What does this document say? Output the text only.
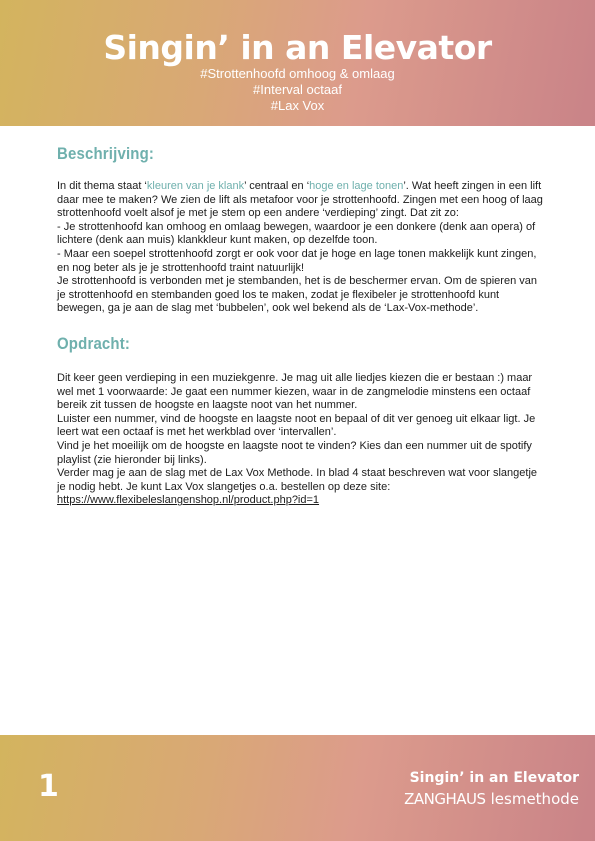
Singin’ in an Elevator
#Strottenhoofd omhoog & omlaag
#Interval octaaf
#Lax Vox
Beschrijving:

In dit thema staat ‘kleuren van je klank’ centraal en ‘hoge en lage tonen’. Wat heeft zingen in een lift daar mee te maken? We zien de lift als metafoor voor je strottenhoofd. Zingen met een hoog of laag strottenhoofd voelt alsof je met je stem op een andere ‘verdieping’ zingt. Dat zit zo:

- Je strottenhoofd kan omhoog en omlaag bewegen, waardoor je een donkere (denk aan opera) of lichtere (denk aan muis) klankkleur kunt maken, op dezelfde toon.

- Maar een soepel strottenhoofd zorgt er ook voor dat je hoge en lage tonen makkelijk kunt zingen, en nog beter als je je strottenhoofd traint natuurlijk!

Je strottenhoofd is verbonden met je stembanden, het is de beschermer ervan. Om de spieren van je strottenhoofd en stembanden goed los te maken, zodat je flexibeler je strottenhoofd kunt bewegen, ga je aan de slag met ‘bubbelen’, ook wel bekend als de ‘Lax-Vox-methode’.

Opdracht:

Dit keer geen verdieping in een muziekgenre. Je mag uit alle liedjes kiezen die er bestaan :) maar wel met 1 voorwaarde: Je gaat een nummer kiezen, waar in de zangmelodie minstens een octaaf bereik zit tussen de hoogste en laagste noot van het nummer.

Luister een nummer, vind de hoogste en laagste noot en bepaal of dit ver genoeg uit elkaar ligt. Je leert wat een octaaf is met het werkblad over ‘intervallen’.

Vind je het moeilijk om de hoogste en laagste noot te vinden? Kies dan een nummer uit de spotify playlist (zie hieronder bij links).

Verder mag je aan de slag met de Lax Vox Methode. In blad 4 staat beschreven wat voor slangetje je nodig hebt. Je kunt Lax Vox slangetjes o.a. bestellen op deze site:

https://www.flexibeleslangenshop.nl/product.php?id=1

1	Singin’ in an Elevator
ZANGHAUS lesmethode
